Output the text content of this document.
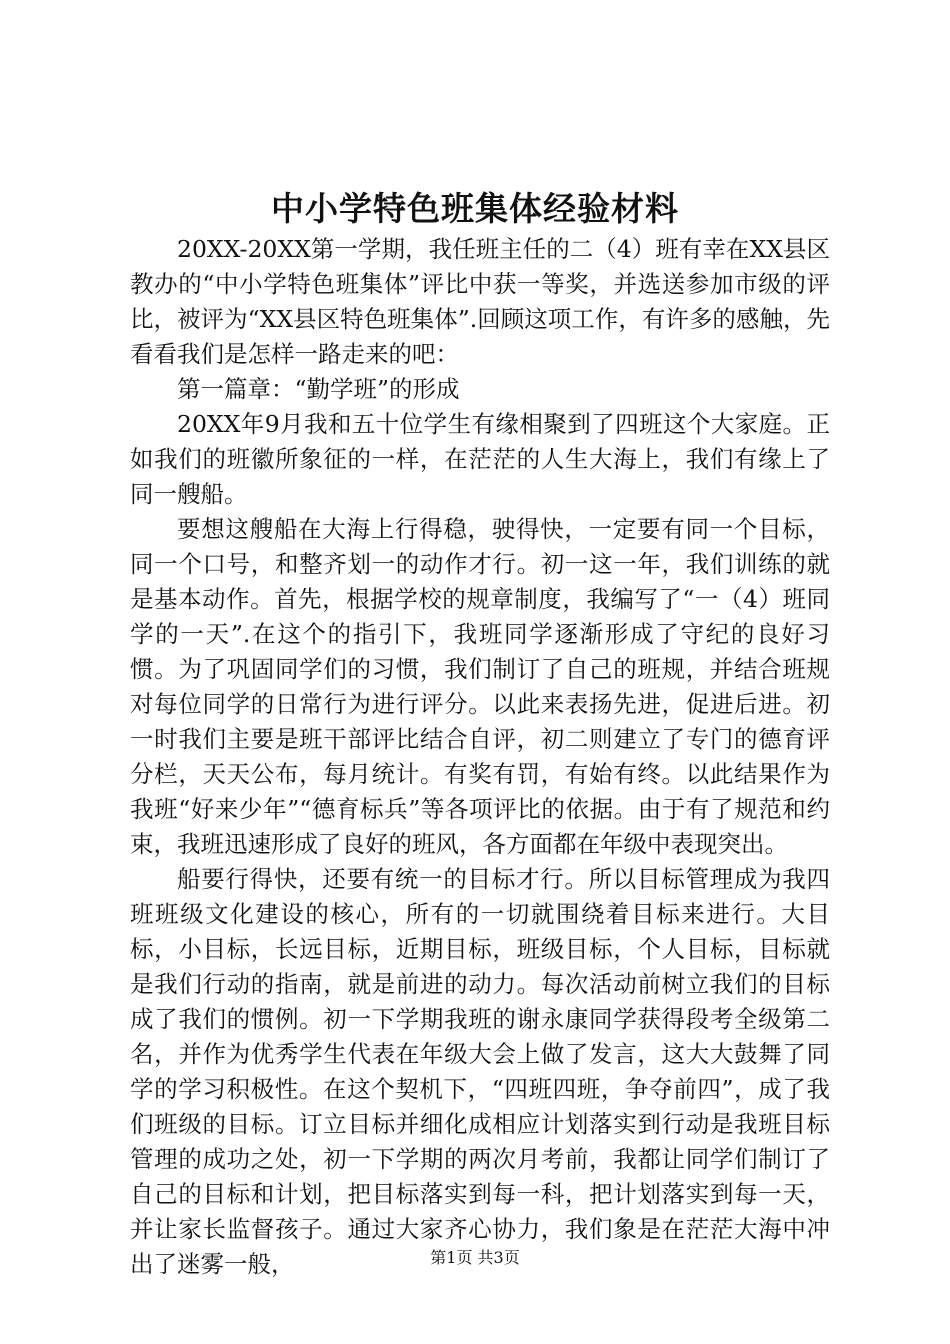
中小学特色班集体经验材料

20XX-20XX第一学期，我任班主任的二（4）班有幸在XX县区教办的“中小学特色班集体”评比中获一等奖，并选送参加市级的评比，被评为“XX县区特色班集体”.回顾这项工作，有许多的感触，先看看我们是怎样一路走来的吧：

第一篇章：“勤学班”的形成

20XX年9月我和五十位学生有缘相聚到了四班这个大家庭。正如我们的班徽所象征的一样，在茫茫的人生大海上，我们有缘上了同一艘船。

要想这艘船在大海上行得稳，驶得快，一定要有同一个目标，同一个口号，和整齐划一的动作才行。初一这一年，我们训练的就是基本动作。首先，根据学校的规章制度，我编写了“一（4）班同学的一天”.在这个的指引下，我班同学逐渐形成了守纪的良好习惯。为了巩固同学们的习惯，我们制订了自己的班规，并结合班规对每位同学的日常行为进行评分。以此来表扬先进，促进后进。初一时我们主要是班干部评比结合自评，初二则建立了专门的德育评分栏，天天公布，每月统计。有奖有罚，有始有终。以此结果作为我班“好来少年”“德育标兵”等各项评比的依据。由于有了规范和约束，我班迅速形成了良好的班风，各方面都在年级中表现突出。

船要行得快，还要有统一的目标才行。所以目标管理成为我四班班级文化建设的核心，所有的一切就围绕着目标来进行。大目标，小目标，长远目标，近期目标，班级目标，个人目标，目标就是我们行动的指南，就是前进的动力。每次活动前树立我们的目标成了我们的惯例。初一下学期我班的谢永康同学获得段考全级第二名，并作为优秀学生代表在年级大会上做了发言，这大大鼓舞了同学的学习积极性。在这个契机下，“四班四班，争夺前四”，成了我们班级的目标。订立目标并细化成相应计划落实到行动是我班目标管理的成功之处，初一下学期的两次月考前，我都让同学们制订了自己的目标和计划，把目标落实到每一科，把计划落实到每一天，并让家长监督孩子。通过大家齐心协力，我们象是在茫茫大海中冲出了迷雾一般，	第1页 共3页
